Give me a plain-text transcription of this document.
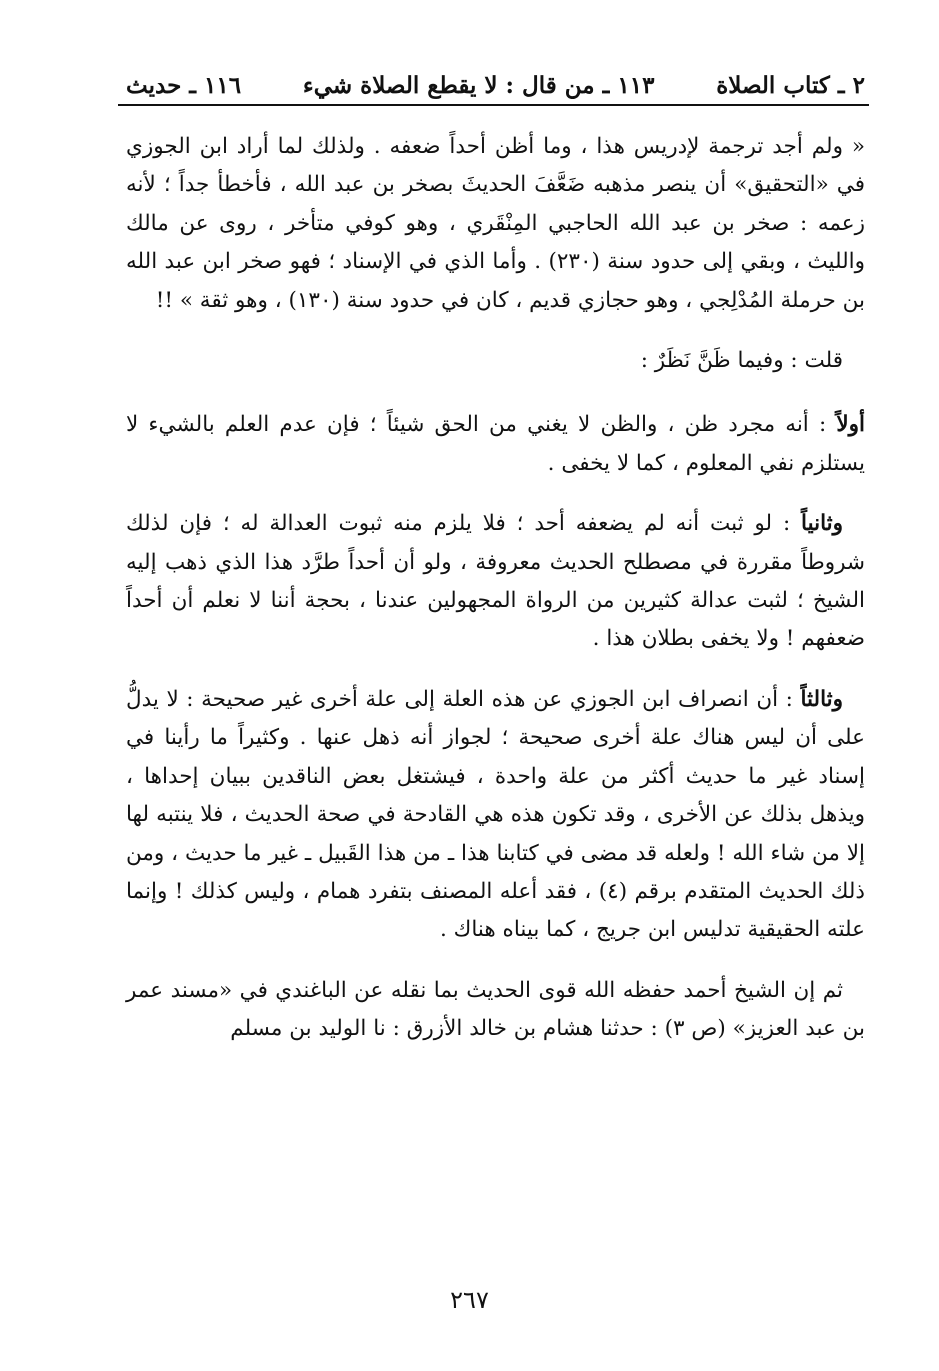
٢ ـ كتاب الصلاة
١١٣ ـ من قال : لا يقطع الصلاة شيء
١١٦ ـ حديث

« ولم أجد ترجمة لإدريس هذا ، وما أظن أحداً ضعفه . ولذلك لما أراد ابن الجوزي في «التحقيق» أن ينصر مذهبه ضَعَّفَ الحديثَ بصخر بن عبد الله ، فأخطأ جداً ؛ لأنه زعمه : صخر بن عبد الله الحاجبي المِنْقَري ، وهو كوفي متأخر ، روى عن مالك والليث ، وبقي إلى حدود سنة (٢٣٠) . وأما الذي في الإسناد ؛ فهو صخر ابن عبد الله بن حرملة المُدْلِجي ، وهو حجازي قديم ، كان في حدود سنة (١٣٠) ، وهو ثقة » !!

قلت : وفيما ظَنَّ نَظَرٌ :

أولاً : أنه مجرد ظن ، والظن لا يغني من الحق شيئاً ؛ فإن عدم العلم بالشيء لا يستلزم نفي المعلوم ، كما لا يخفى .

وثانياً : لو ثبت أنه لم يضعفه أحد ؛ فلا يلزم منه ثبوت العدالة له ؛ فإن لذلك شروطاً مقررة في مصطلح الحديث معروفة ، ولو أن أحداً طرَّد هذا الذي ذهب إليه الشيخ ؛ لثبت عدالة كثيرين من الرواة المجهولين عندنا ، بحجة أننا لا نعلم أن أحداً ضعفهم ! ولا يخفى بطلان هذا .

وثالثاً : أن انصراف ابن الجوزي عن هذه العلة إلى علة أخرى غير صحيحة : لا يدلُّ على أن ليس هناك علة أخرى صحيحة ؛ لجواز أنه ذهل عنها . وكثيراً ما رأينا في إسناد غير ما حديث أكثر من علة واحدة ، فيشتغل بعض الناقدين ببيان إحداها ، ويذهل بذلك عن الأخرى ، وقد تكون هذه هي القادحة في صحة الحديث ، فلا ينتبه لها إلا من شاء الله ! ولعله قد مضى في كتابنا هذا ـ من هذا القَبيل ـ غير ما حديث ، ومن ذلك الحديث المتقدم برقم (٤) ، فقد أعله المصنف بتفرد همام ، وليس كذلك ! وإنما علته الحقيقية تدليس ابن جريج ، كما بيناه هناك .

ثم إن الشيخ أحمد حفظه الله قوى الحديث بما نقله عن الباغندي في «مسند عمر بن عبد العزيز» (ص ٣) : حدثنا هشام بن خالد الأزرق : نا الوليد بن مسلم

٢٦٧
